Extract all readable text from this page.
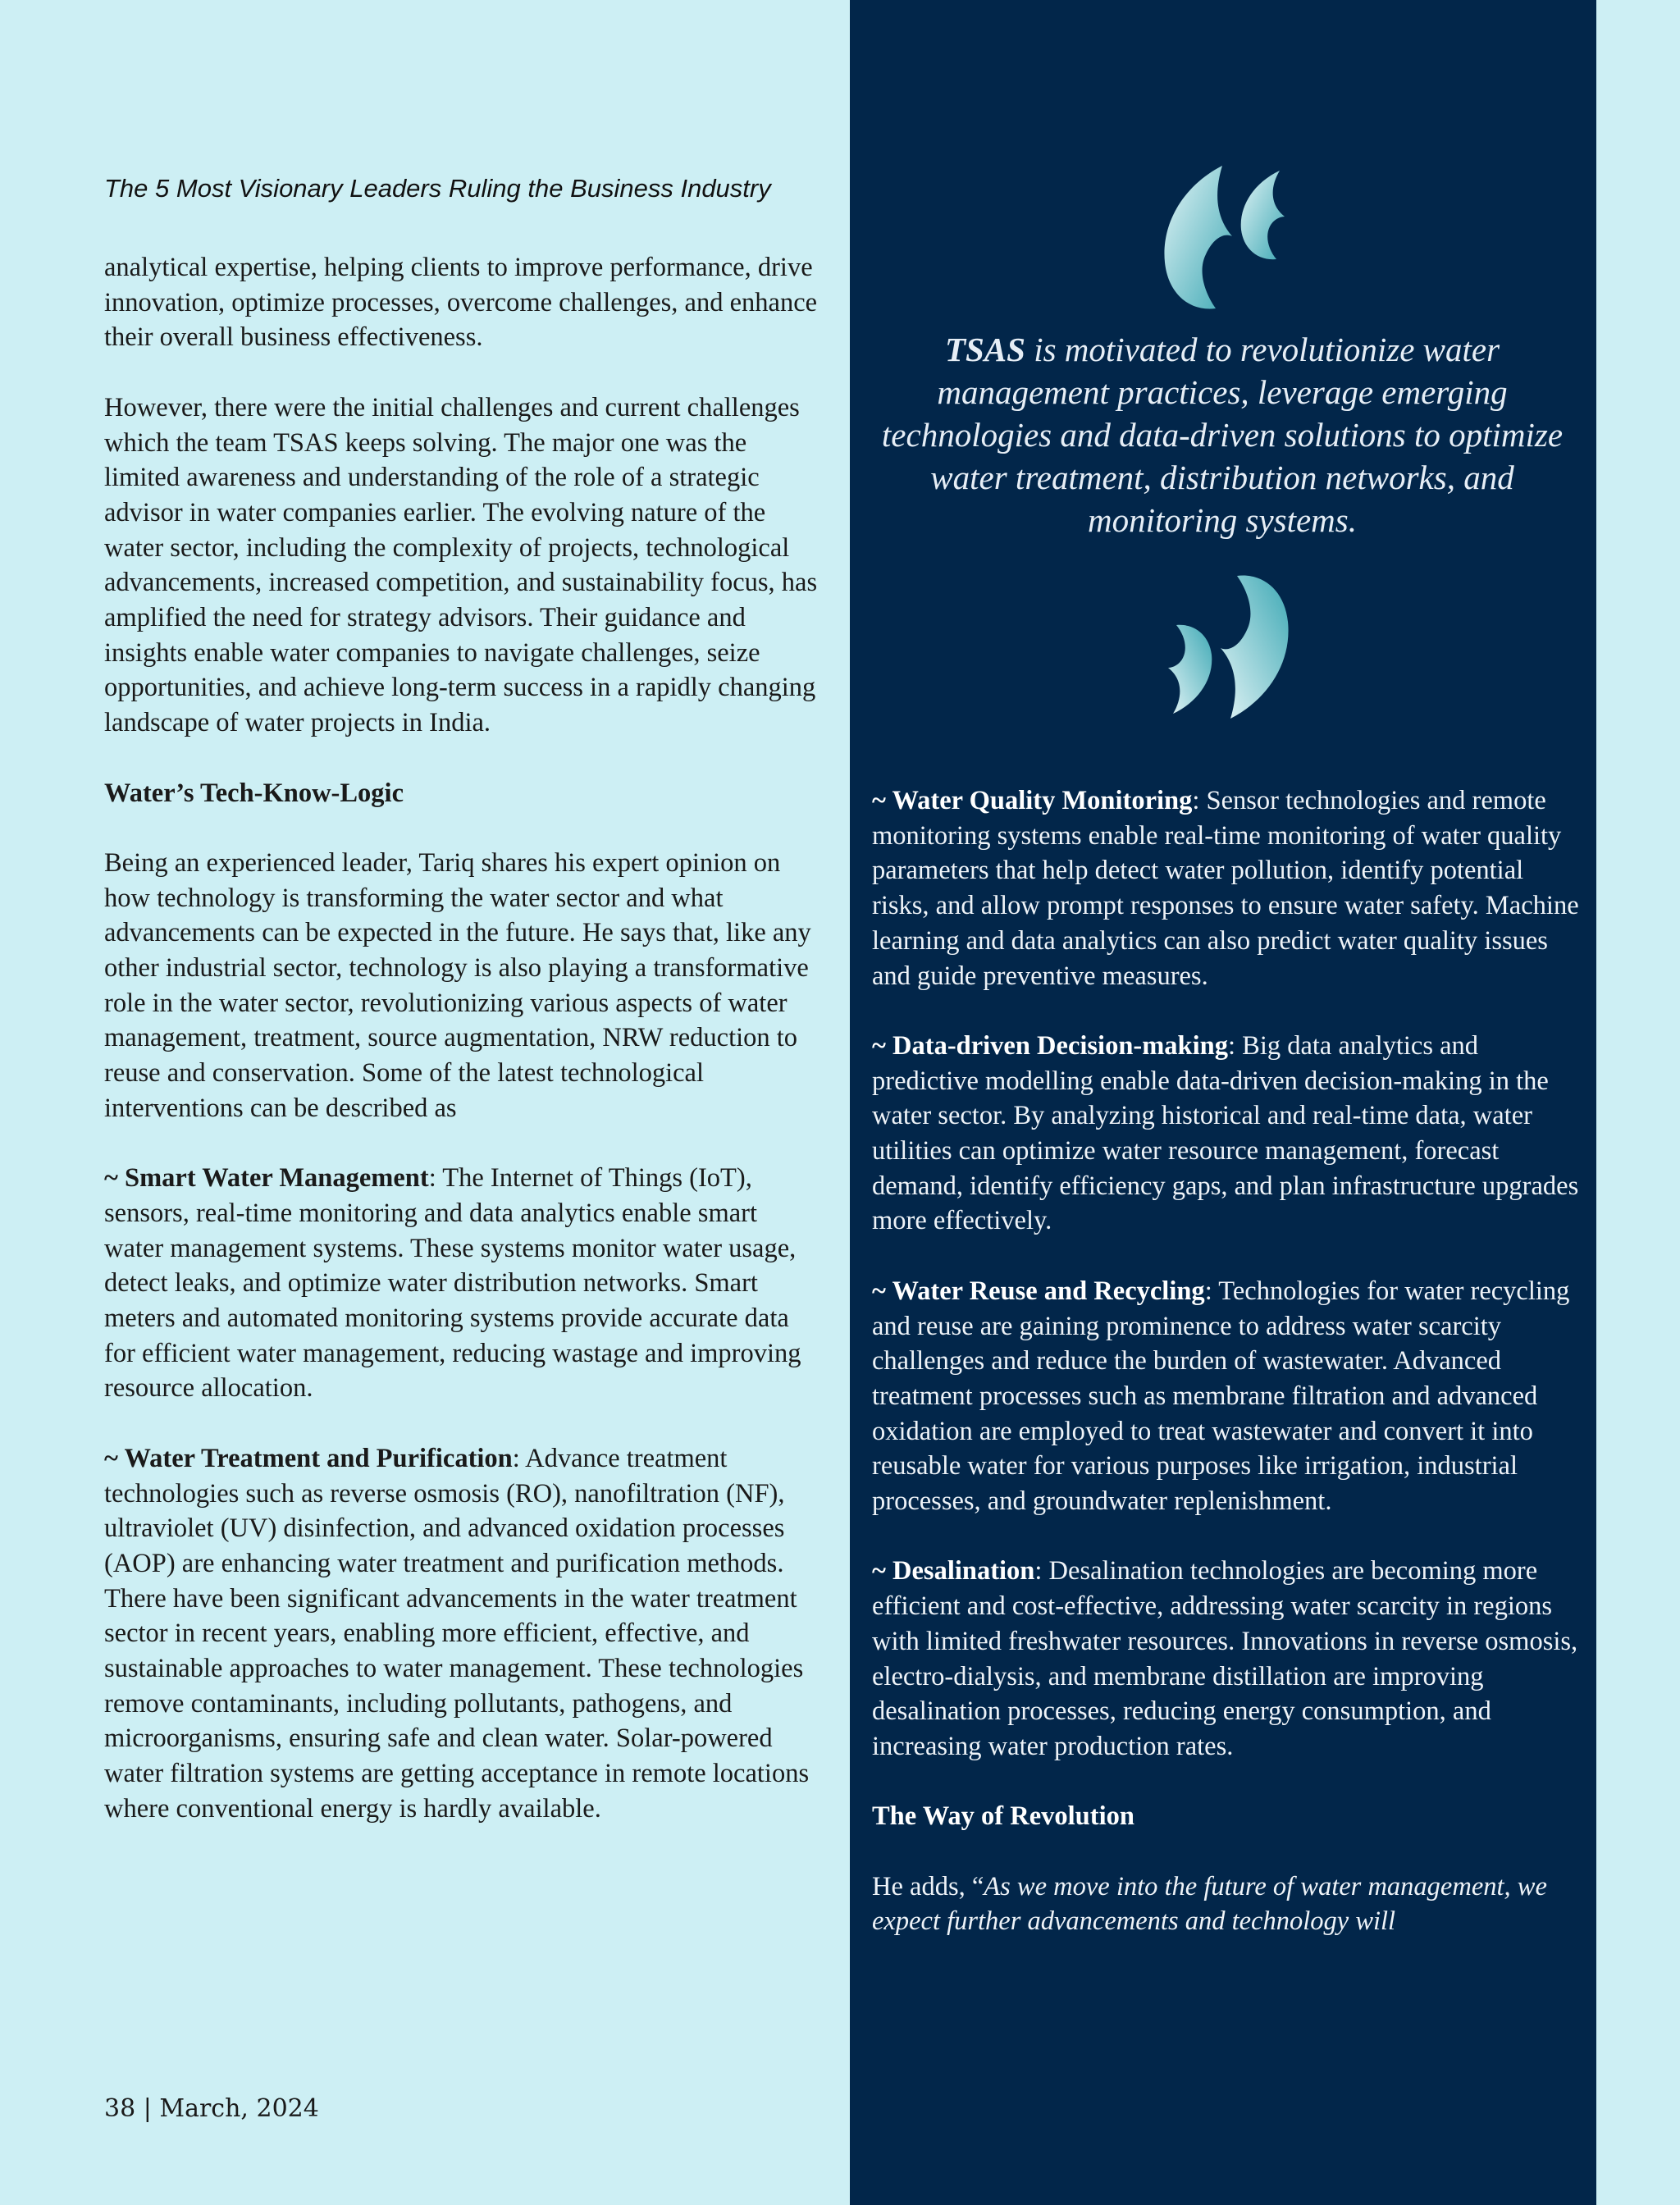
The 5 Most Visionary Leaders Ruling the Business Industry

analytical expertise, helping clients to improve performance, drive innovation, optimize processes, overcome challenges, and enhance their overall business effectiveness.

However, there were the initial challenges and current challenges which the team TSAS keeps solving. The major one was the limited awareness and understanding of the role of a strategic advisor in water companies earlier. The evolving nature of the water sector, including the complexity of projects, technological advancements, increased competition, and sustainability focus, has amplified the need for strategy advisors. Their guidance and insights enable water companies to navigate challenges, seize opportunities, and achieve long-term success in a rapidly changing landscape of water projects in India.

Water’s Tech-Know-Logic

Being an experienced leader, Tariq shares his expert opinion on how technology is transforming the water sector and what advancements can be expected in the future. He says that, like any other industrial sector, technology is also playing a transformative role in the water sector, revolutionizing various aspects of water management, treatment, source augmentation, NRW reduction to reuse and conservation. Some of the latest technological interventions can be described as

~ Smart Water Management: The Internet of Things (IoT), sensors, real-time monitoring and data analytics enable smart water management systems. These systems monitor water usage, detect leaks, and optimize water distribution networks. Smart meters and automated monitoring systems provide accurate data for efficient water management, reducing wastage and improving resource allocation.

~ Water Treatment and Purification: Advance treatment technologies such as reverse osmosis (RO), nanofiltration (NF), ultraviolet (UV) disinfection, and advanced oxidation processes (AOP) are enhancing water treatment and purification methods. There have been significant advancements in the water treatment sector in recent years, enabling more efficient, effective, and sustainable approaches to water management. These technologies remove contaminants, including pollutants, pathogens, and microorganisms, ensuring safe and clean water. Solar-powered water filtration systems are getting acceptance in remote locations where conventional energy is hardly available.

38 | March, 2024
TSAS is motivated to revolutionize water management practices, leverage emerging technologies and data-driven solutions to optimize water treatment, distribution networks, and monitoring systems.

~ Water Quality Monitoring: Sensor technologies and remote monitoring systems enable real-time monitoring of water quality parameters that help detect water pollution, identify potential risks, and allow prompt responses to ensure water safety. Machine learning and data analytics can also predict water quality issues and guide preventive measures.

~ Data-driven Decision-making: Big data analytics and predictive modelling enable data-driven decision-making in the water sector. By analyzing historical and real-time data, water utilities can optimize water resource management, forecast demand, identify efficiency gaps, and plan infrastructure upgrades more effectively.

~ Water Reuse and Recycling: Technologies for water recycling and reuse are gaining prominence to address water scarcity challenges and reduce the burden of wastewater. Advanced treatment processes such as membrane filtration and advanced oxidation are employed to treat wastewater and convert it into reusable water for various purposes like irrigation, industrial processes, and groundwater replenishment.

~ Desalination: Desalination technologies are becoming more efficient and cost-effective, addressing water scarcity in regions with limited freshwater resources. Innovations in reverse osmosis, electro-dialysis, and membrane distillation are improving desalination processes, reducing energy consumption, and increasing water production rates.

The Way of Revolution

He adds, “As we move into the future of water management, we expect further advancements and technology will
